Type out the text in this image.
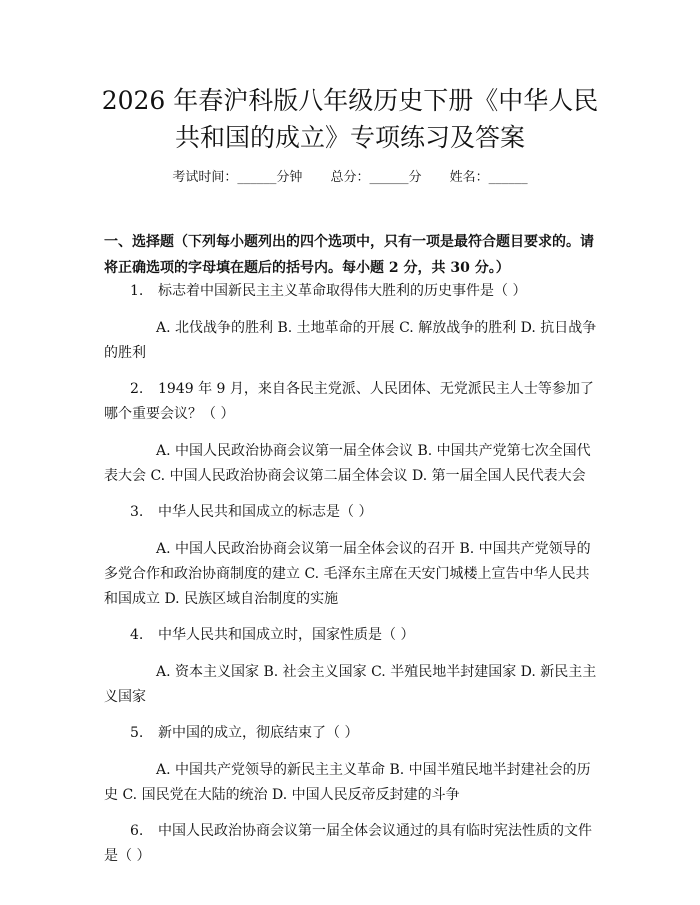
2026 年春沪科版八年级历史下册《中华人民
共和国的成立》专项练习及答案
考试时间：______分钟 总分：______分 姓名：______
一、选择题（下列每小题列出的四个选项中，只有一项是最符合题目要求的。请将正确选项的字母填在题后的括号内。每小题 2 分，共 30 分。）
1. 标志着中国新民主主义革命取得伟大胜利的历史事件是（ ）
A. 北伐战争的胜利 B. 土地革命的开展 C. 解放战争的胜利 D. 抗日战争的胜利
2. 1949 年 9 月，来自各民主党派、人民团体、无党派民主人士等参加了哪个重要会议？（ ）
A. 中国人民政治协商会议第一届全体会议 B. 中国共产党第七次全国代表大会 C. 中国人民政治协商会议第二届全体会议 D. 第一届全国人民代表大会
3. 中华人民共和国成立的标志是（ ）
A. 中国人民政治协商会议第一届全体会议的召开 B. 中国共产党领导的多党合作和政治协商制度的建立 C. 毛泽东主席在天安门城楼上宣告中华人民共和国成立 D. 民族区域自治制度的实施
4. 中华人民共和国成立时，国家性质是（ ）
A. 资本主义国家 B. 社会主义国家 C. 半殖民地半封建国家 D. 新民主主义国家
5. 新中国的成立，彻底结束了（ ）
A. 中国共产党领导的新民主主义革命 B. 中国半殖民地半封建社会的历史 C. 国民党在大陆的统治 D. 中国人民反帝反封建的斗争
6. 中国人民政治协商会议第一届全体会议通过的具有临时宪法性质的文件是（ ）
